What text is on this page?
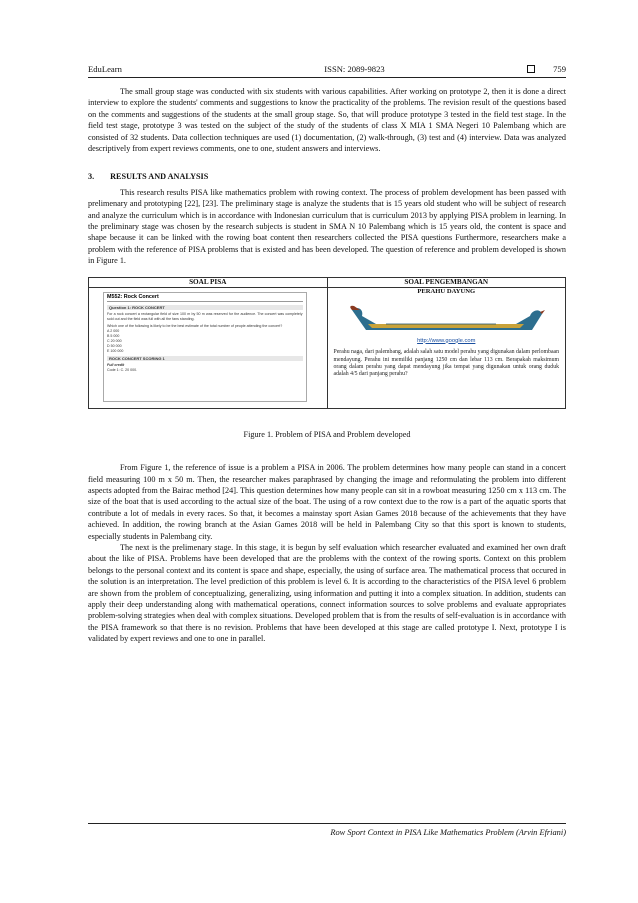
EduLearn	ISSN: 2089-9823	759

The small group stage was conducted with six students with various capabilities. After working on prototype 2, then it is done a direct interview to explore the students' comments and suggestions to know the practicality of the problems. The revision result of the questions based on the comments and suggestions of the students at the small group stage. So, that will produce prototype 3 tested in the field test stage. In the field test stage, prototype 3 was tested on the subject of the study of the students of class X MIA 1 SMA Negeri 10 Palembang which are consisted of 32 students. Data collection techniques are used (1) documentation, (2) walk-through, (3) test and (4) interview. Data was analyzed descriptively from expert reviews comments, one to one, student answers and interviews.

3. RESULTS AND ANALYSIS

This research results PISA like mathematics problem with rowing context. The process of problem development has been passed with prelimenary and prototyping [22], [23]. The preliminary stage is analyze the students that is 15 years old student who will be subject of research and analyze the curriculum which is in accordance with Indonesian curriculum that is curriculum 2013 by applying PISA problem in learning. In the preliminary stage was chosen by the research subjects is student in SMA N 10 Palembang which is 15 years old, the content is space and shape because it can be linked with the rowing boat content then researchers collected the PISA questions Furthermore, researchers make a problem with the reference of PISA problems that is existed and has been developed. The question of reference and problem developed is shown in Figure 1.

SOAL PISA
M552: Rock Concert
Question 1: ROCK CONCERT
For a rock concert a rectangular field of size 100 m by 50 m was reserved for the audience. The concert was completely sold out and the field was full with all the fans standing.
Which one of the following is likely to be the best estimate of the total number of people attending the concert?
A 2 000
B 5 000
C 20 000
D 50 000
E 100 000
ROCK CONCERT SCORING 1
Full credit
Code 1: C. 20 000.
SOAL PENGEMBANGAN
PERAHU DAYUNG
http://www.google.com
Perahu naga, dari palembang, adalah salah satu model perahu yang digunakan dalam perlombaan mendayung. Perahu ini memiliki panjang 1250 cm dan lebar 113 cm. Berapakah maksimum orang dalam perahu yang dapat mendayung jika tempat yang digunakan untuk orang duduk adalah 4/5 dari panjang perahu?
Figure 1. Problem of PISA and Problem developed

From Figure 1, the reference of issue is a problem a PISA in 2006. The problem determines how many people can stand in a concert field measuring 100 m x 50 m. Then, the researcher makes paraphrased by changing the image and reformulating the problem into different aspects adopted from the Bairac method [24]. This question determines how many people can sit in a rowboat measuring 1250 cm x 113 cm. The size of the boat that is used according to the actual size of the boat. The using of a row context due to the row is a part of the aquatic sports that contribute a lot of medals in every races. So that, it becomes a mainstay sport Asian Games 2018 because of the achievements that they have achieved. In addition, the rowing branch at the Asian Games 2018 will be held in Palembang City so that this sport is known to students, especially students in Palembang city.

The next is the prelimenary stage. In this stage, it is begun by self evaluation which researcher evaluated and examined her own draft about the like of PISA. Problems have been developed that are the problems with the context of the rowing sports. Context on this problem belongs to the personal context and its content is space and shape, especially, the using of surface area. The mathematical process that occured in the solution is an interpretation. The level prediction of this problem is level 6. It is according to the characteristics of the PISA level 6 problem are shown from the problem of conceptualizing, generalizing, using information and putting it into a complex situation. In addition, students can apply their deep understanding along with mathematical operations, connect information sources to solve problems and evaluate appropriates problem-solving strategies when deal with complex situations. Developed problem that is from the results of self-evaluation is in accordance with the PISA framework so that there is no revision. Problems that have been developed at this stage are called prototype I. Next, prototype I is validated by expert reviews and one to one in parallel.

Row Sport Context in PISA Like Mathematics Problem (Arvin Efriani)
